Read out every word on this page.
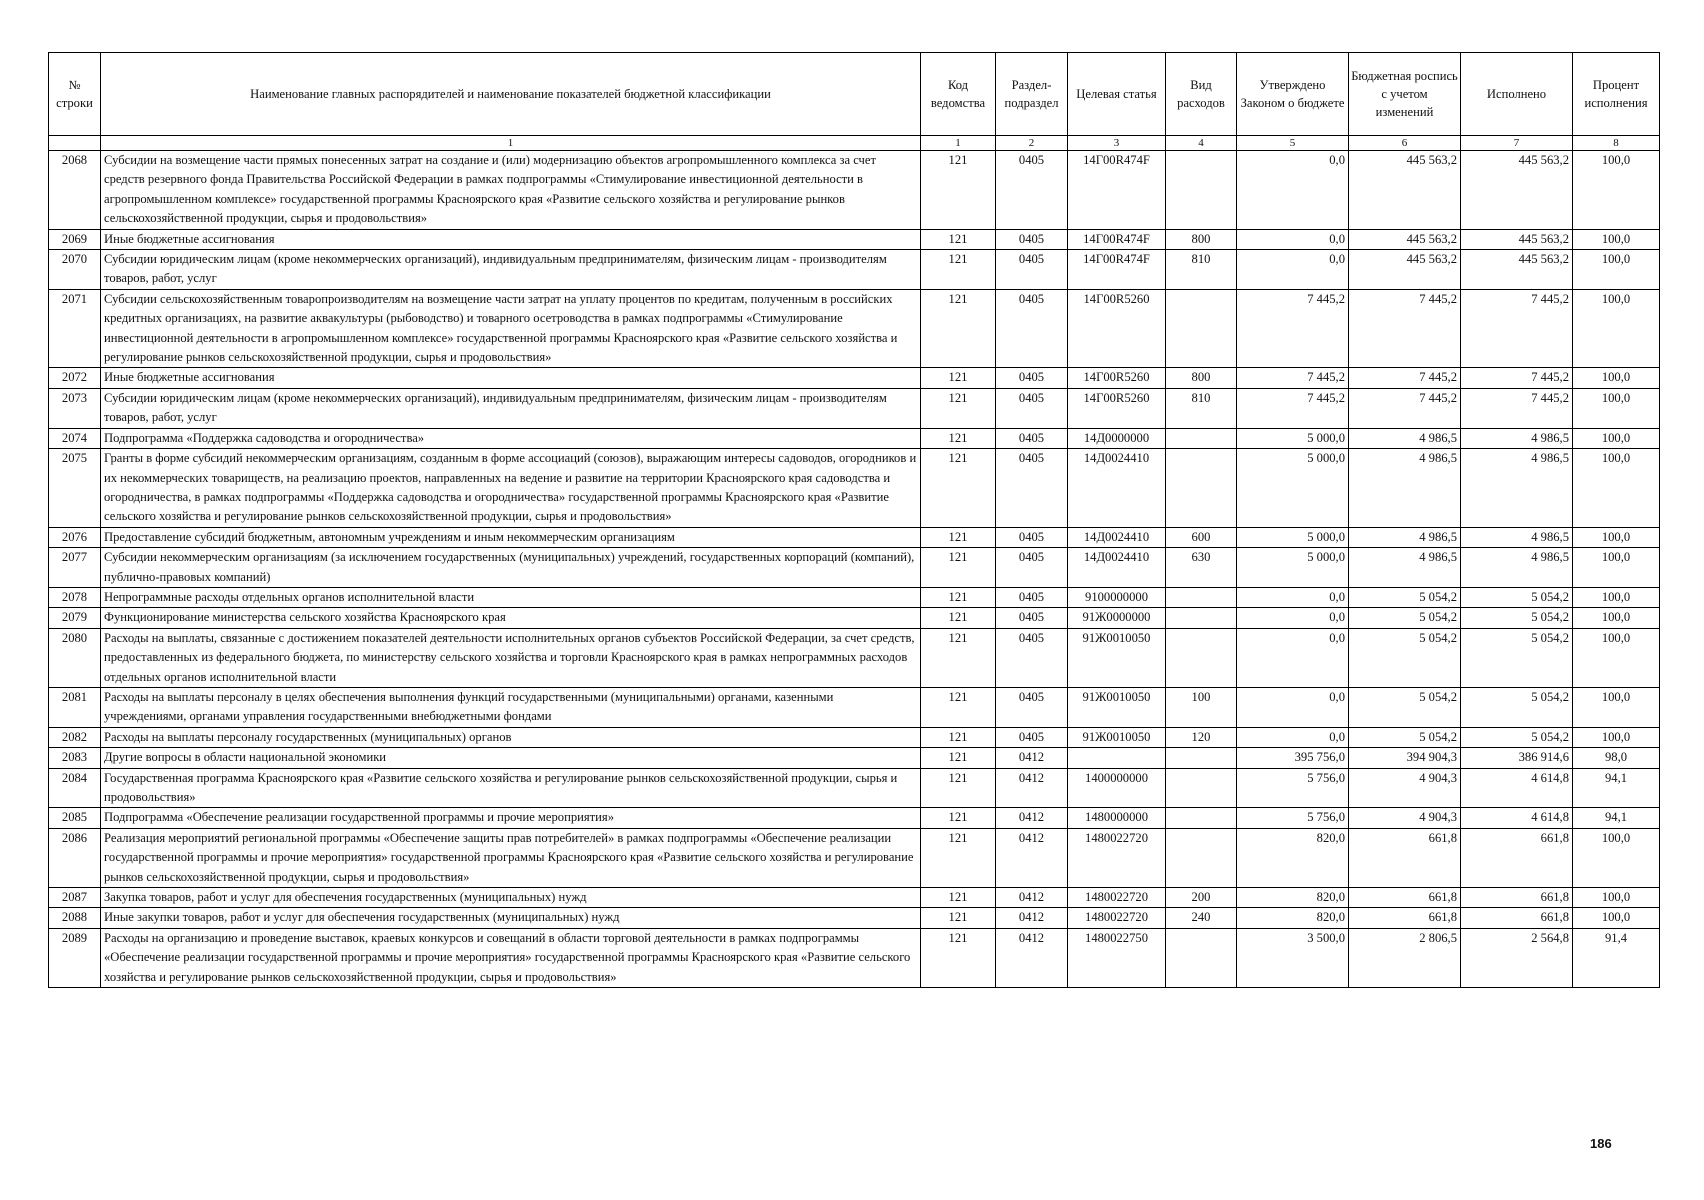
№ строки	Наименование главных распорядителей и наименование показателей бюджетной классификации	Код ведомства	Раздел-подраздел	Целевая статья	Вид расходов	Утверждено Законом о бюджете	Бюджетная роспись с учетом изменений	Исполнено	Процент исполнения
	1	1	2	3	4	5	6	7	8
2068	Субсидии на возмещение части прямых понесенных затрат на создание и (или) модернизацию объектов агропромышленного комплекса за счет средств резервного фонда Правительства Российской Федерации в рамках подпрограммы «Стимулирование инвестиционной деятельности в агропромышленном комплексе» государственной программы Красноярского края «Развитие сельского хозяйства и регулирование рынков сельскохозяйственной продукции, сырья и продовольствия»	121	0405	14Г00R474F		0,0	445 563,2	445 563,2	100,0
2069	Иные бюджетные ассигнования	121	0405	14Г00R474F	800	0,0	445 563,2	445 563,2	100,0
2070	Субсидии юридическим лицам (кроме некоммерческих организаций), индивидуальным предпринимателям, физическим лицам - производителям товаров, работ, услуг	121	0405	14Г00R474F	810	0,0	445 563,2	445 563,2	100,0
2071	Субсидии сельскохозяйственным товаропроизводителям на возмещение части затрат на уплату процентов по кредитам, полученным в российских кредитных организациях, на развитие аквакультуры (рыбоводство) и товарного осетроводства в рамках подпрограммы «Стимулирование инвестиционной деятельности в агропромышленном комплексе» государственной программы Красноярского края «Развитие сельского хозяйства и регулирование рынков сельскохозяйственной продукции, сырья и продовольствия»	121	0405	14Г00R5260		7 445,2	7 445,2	7 445,2	100,0
2072	Иные бюджетные ассигнования	121	0405	14Г00R5260	800	7 445,2	7 445,2	7 445,2	100,0
2073	Субсидии юридическим лицам (кроме некоммерческих организаций), индивидуальным предпринимателям, физическим лицам - производителям товаров, работ, услуг	121	0405	14Г00R5260	810	7 445,2	7 445,2	7 445,2	100,0
2074	Подпрограмма «Поддержка садоводства и огородничества»	121	0405	14Д0000000		5 000,0	4 986,5	4 986,5	100,0
2075	Гранты в форме субсидий некоммерческим организациям, созданным в форме ассоциаций (союзов), выражающим интересы садоводов, огородников и их некоммерческих товариществ, на реализацию проектов, направленных на ведение и развитие на территории Красноярского края садоводства и огородничества, в рамках подпрограммы «Поддержка садоводства и огородничества» государственной программы Красноярского края «Развитие сельского хозяйства и регулирование рынков сельскохозяйственной продукции, сырья и продовольствия»	121	0405	14Д0024410		5 000,0	4 986,5	4 986,5	100,0
2076	Предоставление субсидий бюджетным, автономным учреждениям и иным некоммерческим организациям	121	0405	14Д0024410	600	5 000,0	4 986,5	4 986,5	100,0
2077	Субсидии некоммерческим организациям (за исключением государственных (муниципальных) учреждений, государственных корпораций (компаний), публично-правовых компаний)	121	0405	14Д0024410	630	5 000,0	4 986,5	4 986,5	100,0
2078	Непрограммные расходы отдельных органов исполнительной власти	121	0405	9100000000		0,0	5 054,2	5 054,2	100,0
2079	Функционирование министерства сельского хозяйства Красноярского края	121	0405	91Ж0000000		0,0	5 054,2	5 054,2	100,0
2080	Расходы на выплаты, связанные с достижением показателей деятельности исполнительных органов субъектов Российской Федерации, за счет средств, предоставленных из федерального бюджета, по министерству сельского хозяйства и торговли Красноярского края в рамках непрограммных расходов отдельных органов исполнительной власти	121	0405	91Ж0010050		0,0	5 054,2	5 054,2	100,0
2081	Расходы на выплаты персоналу в целях обеспечения выполнения функций государственными (муниципальными) органами, казенными учреждениями, органами управления государственными внебюджетными фондами	121	0405	91Ж0010050	100	0,0	5 054,2	5 054,2	100,0
2082	Расходы на выплаты персоналу государственных (муниципальных) органов	121	0405	91Ж0010050	120	0,0	5 054,2	5 054,2	100,0
2083	Другие вопросы в области национальной экономики	121	0412			395 756,0	394 904,3	386 914,6	98,0
2084	Государственная программа Красноярского края «Развитие сельского хозяйства и регулирование рынков сельскохозяйственной продукции, сырья и продовольствия»	121	0412	1400000000		5 756,0	4 904,3	4 614,8	94,1
2085	Подпрограмма «Обеспечение реализации государственной программы и прочие мероприятия»	121	0412	1480000000		5 756,0	4 904,3	4 614,8	94,1
2086	Реализация мероприятий региональной программы «Обеспечение защиты прав потребителей» в рамках подпрограммы «Обеспечение реализации государственной программы и прочие мероприятия» государственной программы Красноярского края «Развитие сельского хозяйства и регулирование рынков сельскохозяйственной продукции, сырья и продовольствия»	121	0412	1480022720		820,0	661,8	661,8	100,0
2087	Закупка товаров, работ и услуг для обеспечения государственных (муниципальных) нужд	121	0412	1480022720	200	820,0	661,8	661,8	100,0
2088	Иные закупки товаров, работ и услуг для обеспечения государственных (муниципальных) нужд	121	0412	1480022720	240	820,0	661,8	661,8	100,0
2089	Расходы на организацию и проведение выставок, краевых конкурсов и совещаний в области торговой деятельности в рамках подпрограммы «Обеспечение реализации государственной программы и прочие мероприятия» государственной программы Красноярского края «Развитие сельского хозяйства и регулирование рынков сельскохозяйственной продукции, сырья и продовольствия»	121	0412	1480022750		3 500,0	2 806,5	2 564,8	91,4
186
